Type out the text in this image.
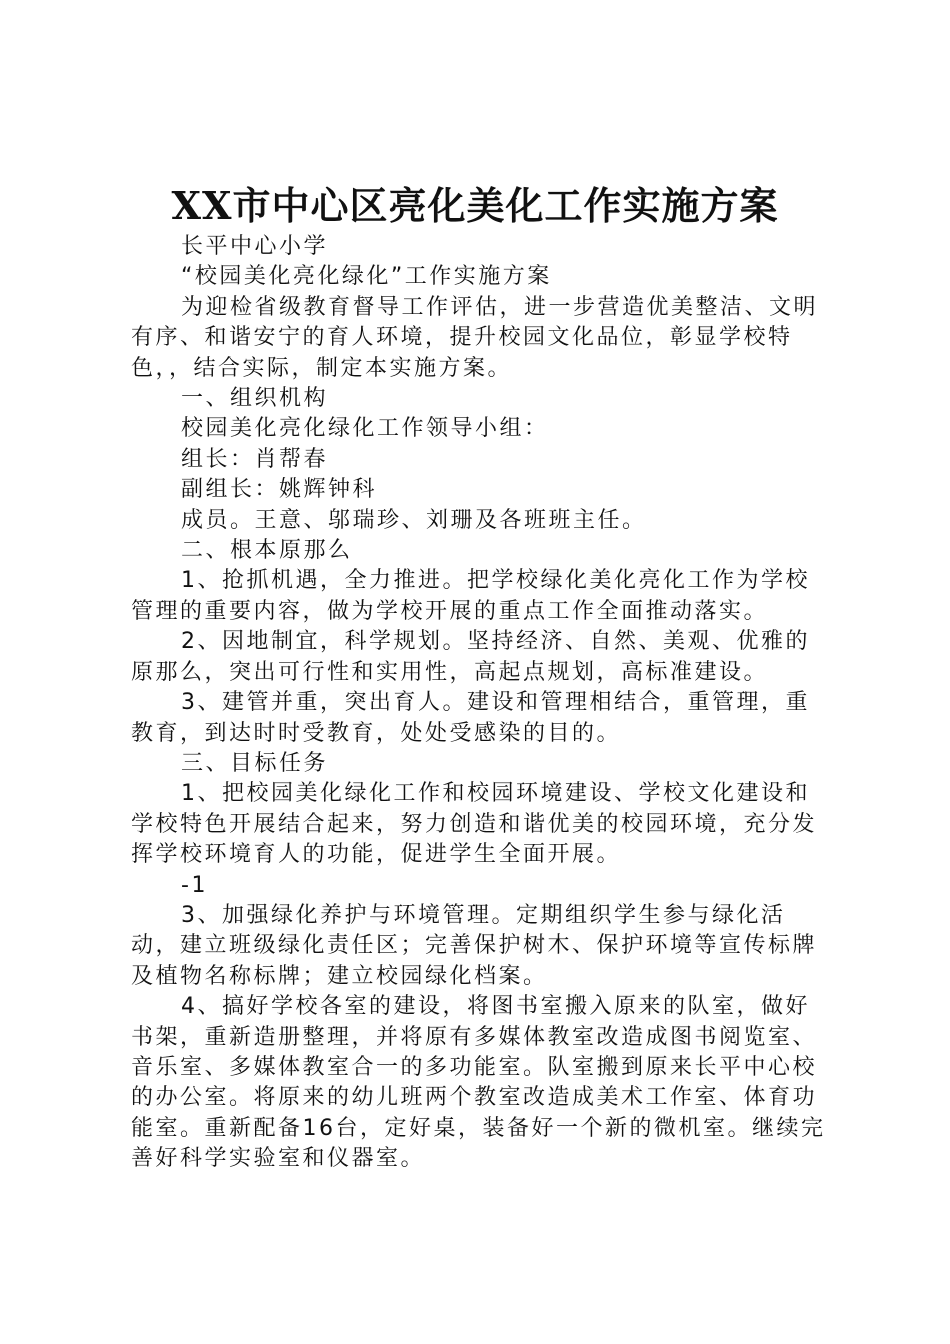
XX市中心区亮化美化工作实施方案

长平中心小学

“校园美化亮化绿化”工作实施方案

为迎检省级教育督导工作评估，进一步营造优美整洁、文明有序、和谐安宁的育人环境，提升校园文化品位，彰显学校特色，，结合实际，制定本实施方案。

一、组织机构

校园美化亮化绿化工作领导小组：

组长：肖帮春

副组长：姚辉钟科

成员。王意、邬瑞珍、刘珊及各班班主任。

二、根本原那么

1、抢抓机遇，全力推进。把学校绿化美化亮化工作为学校管理的重要内容，做为学校开展的重点工作全面推动落实。

2、因地制宜，科学规划。坚持经济、自然、美观、优雅的原那么，突出可行性和实用性，高起点规划，高标准建设。

3、建管并重，突出育人。建设和管理相结合，重管理，重教育，到达时时受教育，处处受感染的目的。

三、目标任务

1、把校园美化绿化工作和校园环境建设、学校文化建设和学校特色开展结合起来，努力创造和谐优美的校园环境，充分发挥学校环境育人的功能，促进学生全面开展。

-1

3、加强绿化养护与环境管理。定期组织学生参与绿化活动，建立班级绿化责任区；完善保护树木、保护环境等宣传标牌及植物名称标牌；建立校园绿化档案。

4、搞好学校各室的建设，将图书室搬入原来的队室，做好书架，重新造册整理，并将原有多媒体教室改造成图书阅览室、音乐室、多媒体教室合一的多功能室。队室搬到原来长平中心校的办公室。将原来的幼儿班两个教室改造成美术工作室、体育功能室。重新配备16台，定好桌，装备好一个新的微机室。继续完善好科学实验室和仪器室。
